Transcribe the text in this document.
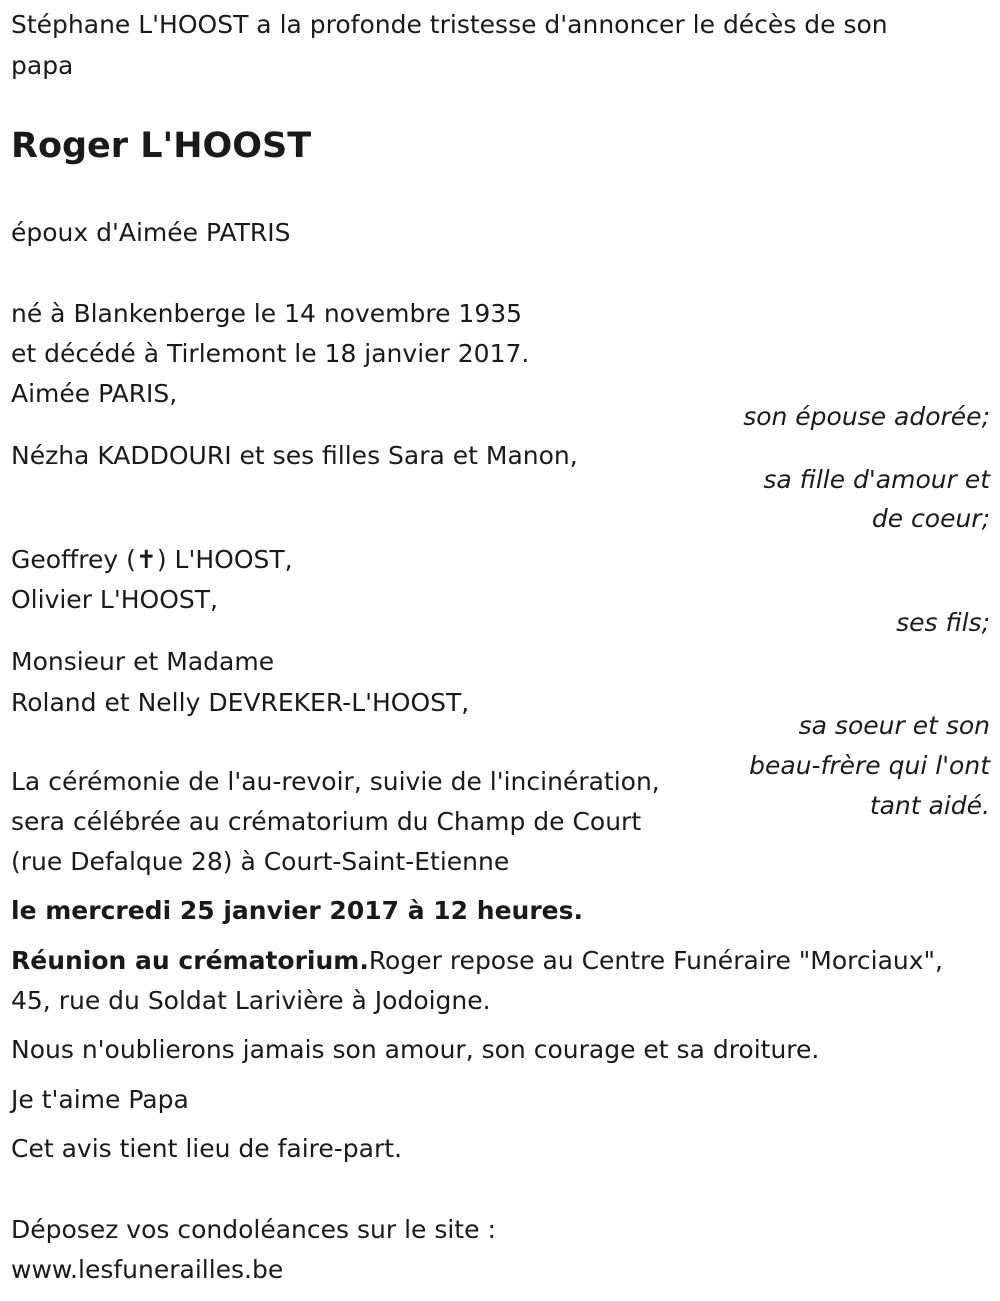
Stéphane L'HOOST a la profonde tristesse d'annoncer le décès de son
papa
Roger L'HOOST
époux d'Aimée PATRIS
né à Blankenberge le 14 novembre 1935
et décédé à Tirlemont le 18 janvier 2017.
Aimée PARIS,
son épouse adorée;
Nézha KADDOURI et ses filles Sara et Manon,
sa fille d'amour et
de coeur;
Geoffrey (✝) L'HOOST,
Olivier L'HOOST,
ses fils;
Monsieur et Madame
Roland et Nelly DEVREKER-L'HOOST,
sa soeur et son
beau-frère qui l'ont
tant aidé.
La cérémonie de l'au-revoir, suivie de l'incinération,
sera célébrée au crématorium du Champ de Court
(rue Defalque 28) à Court-Saint-Etienne
le mercredi 25 janvier 2017 à 12 heures.
Réunion au crématorium.Roger repose au Centre Funéraire "Morciaux",
45, rue du Soldat Larivière à Jodoigne.
Nous n'oublierons jamais son amour, son courage et sa droiture.
Je t'aime Papa
Cet avis tient lieu de faire-part.
Déposez vos condoléances sur le site :
www.lesfunerailles.be
